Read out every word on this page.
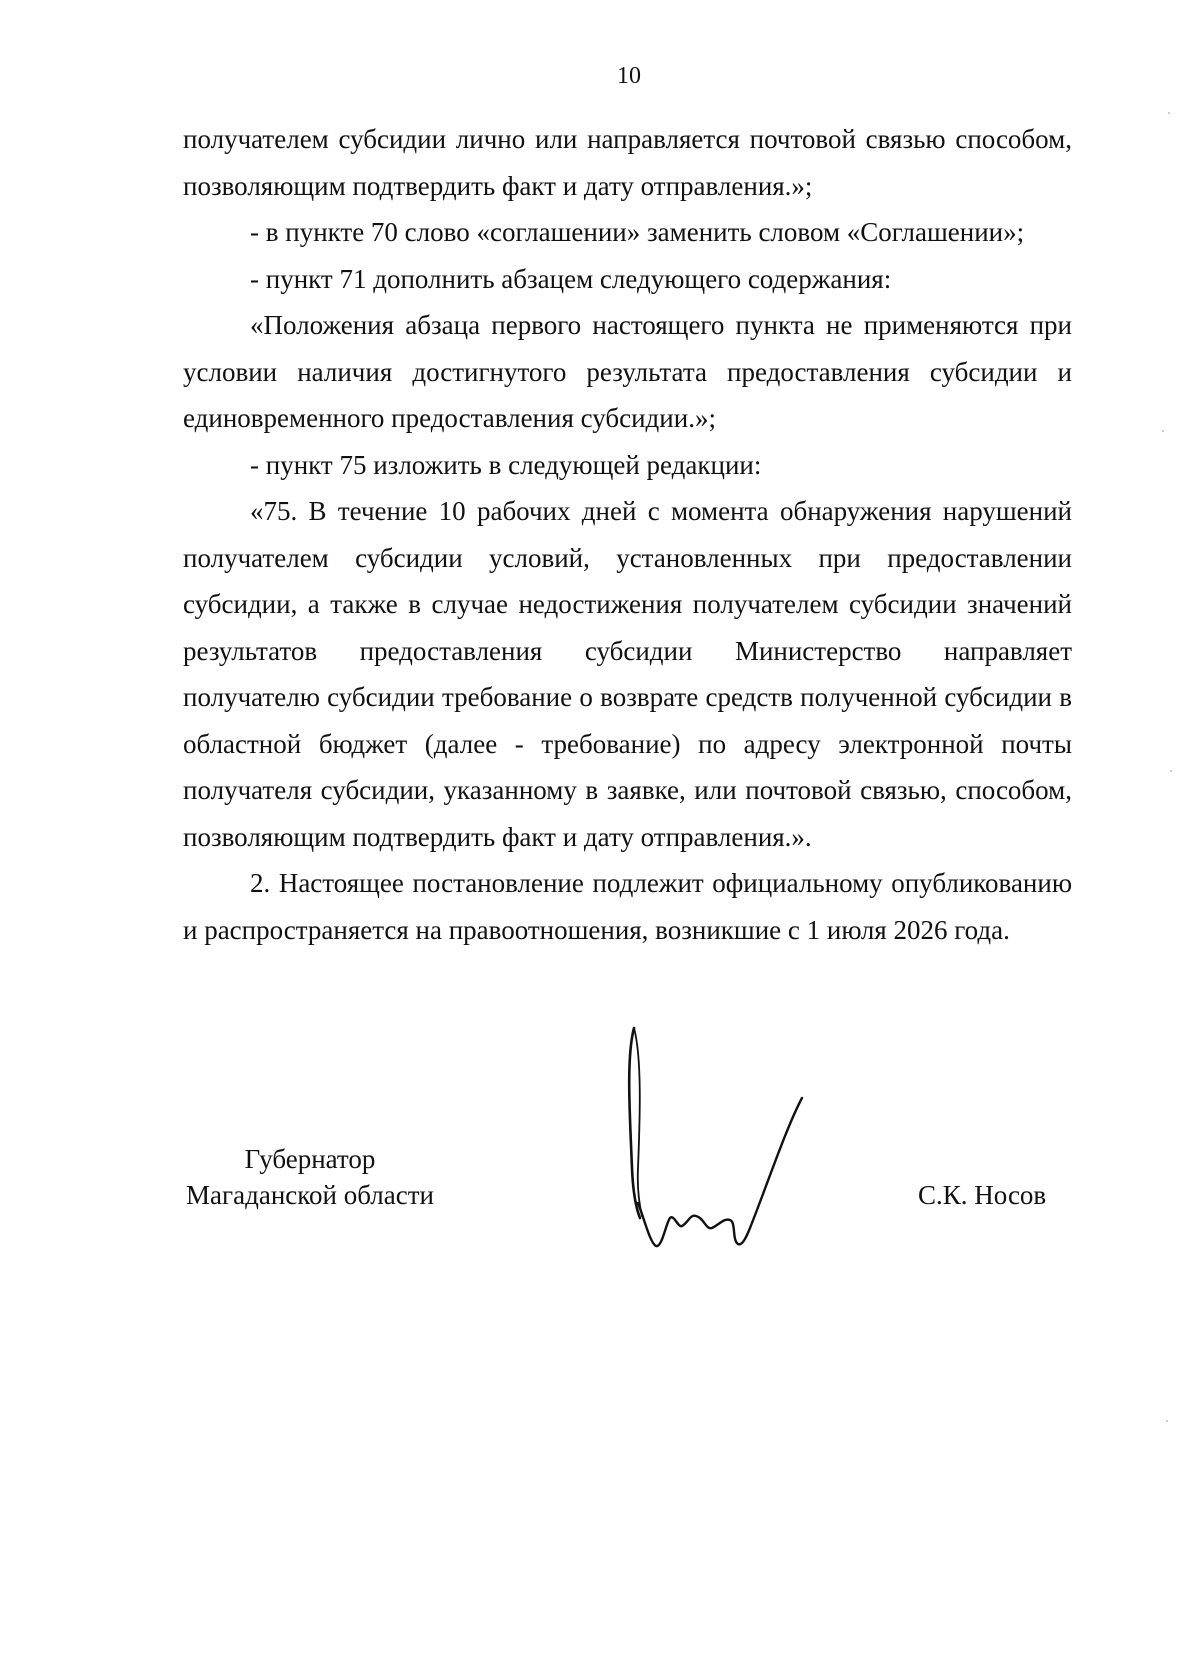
10

получателем субсидии лично или направляется почтовой связью способом, позволяющим подтвердить факт и дату отправления.»;

- в пункте 70 слово «соглашении» заменить словом «Соглашении»;

- пункт 71 дополнить абзацем следующего содержания:

«Положения абзаца первого настоящего пункта не применяются при условии наличия достигнутого результата предоставления субсидии и единовременного предоставления субсидии.»;

- пункт 75 изложить в следующей редакции:

«75. В течение 10 рабочих дней с момента обнаружения нарушений получателем субсидии условий, установленных при предоставлении субсидии, а также в случае недостижения получателем субсидии значений результатов предоставления субсидии Министерство направляет получателю субсидии требование о возврате средств полученной субсидии в областной бюджет (далее - требование) по адресу электронной почты получателя субсидии, указанному в заявке, или почтовой связью, способом, позволяющим подтвердить факт и дату отправления.».

2. Настоящее постановление подлежит официальному опубликованию и распространяется на правоотношения, возникшие с 1 июля 2026 года.

Губернатор
Магаданской области	С.К. Носов
